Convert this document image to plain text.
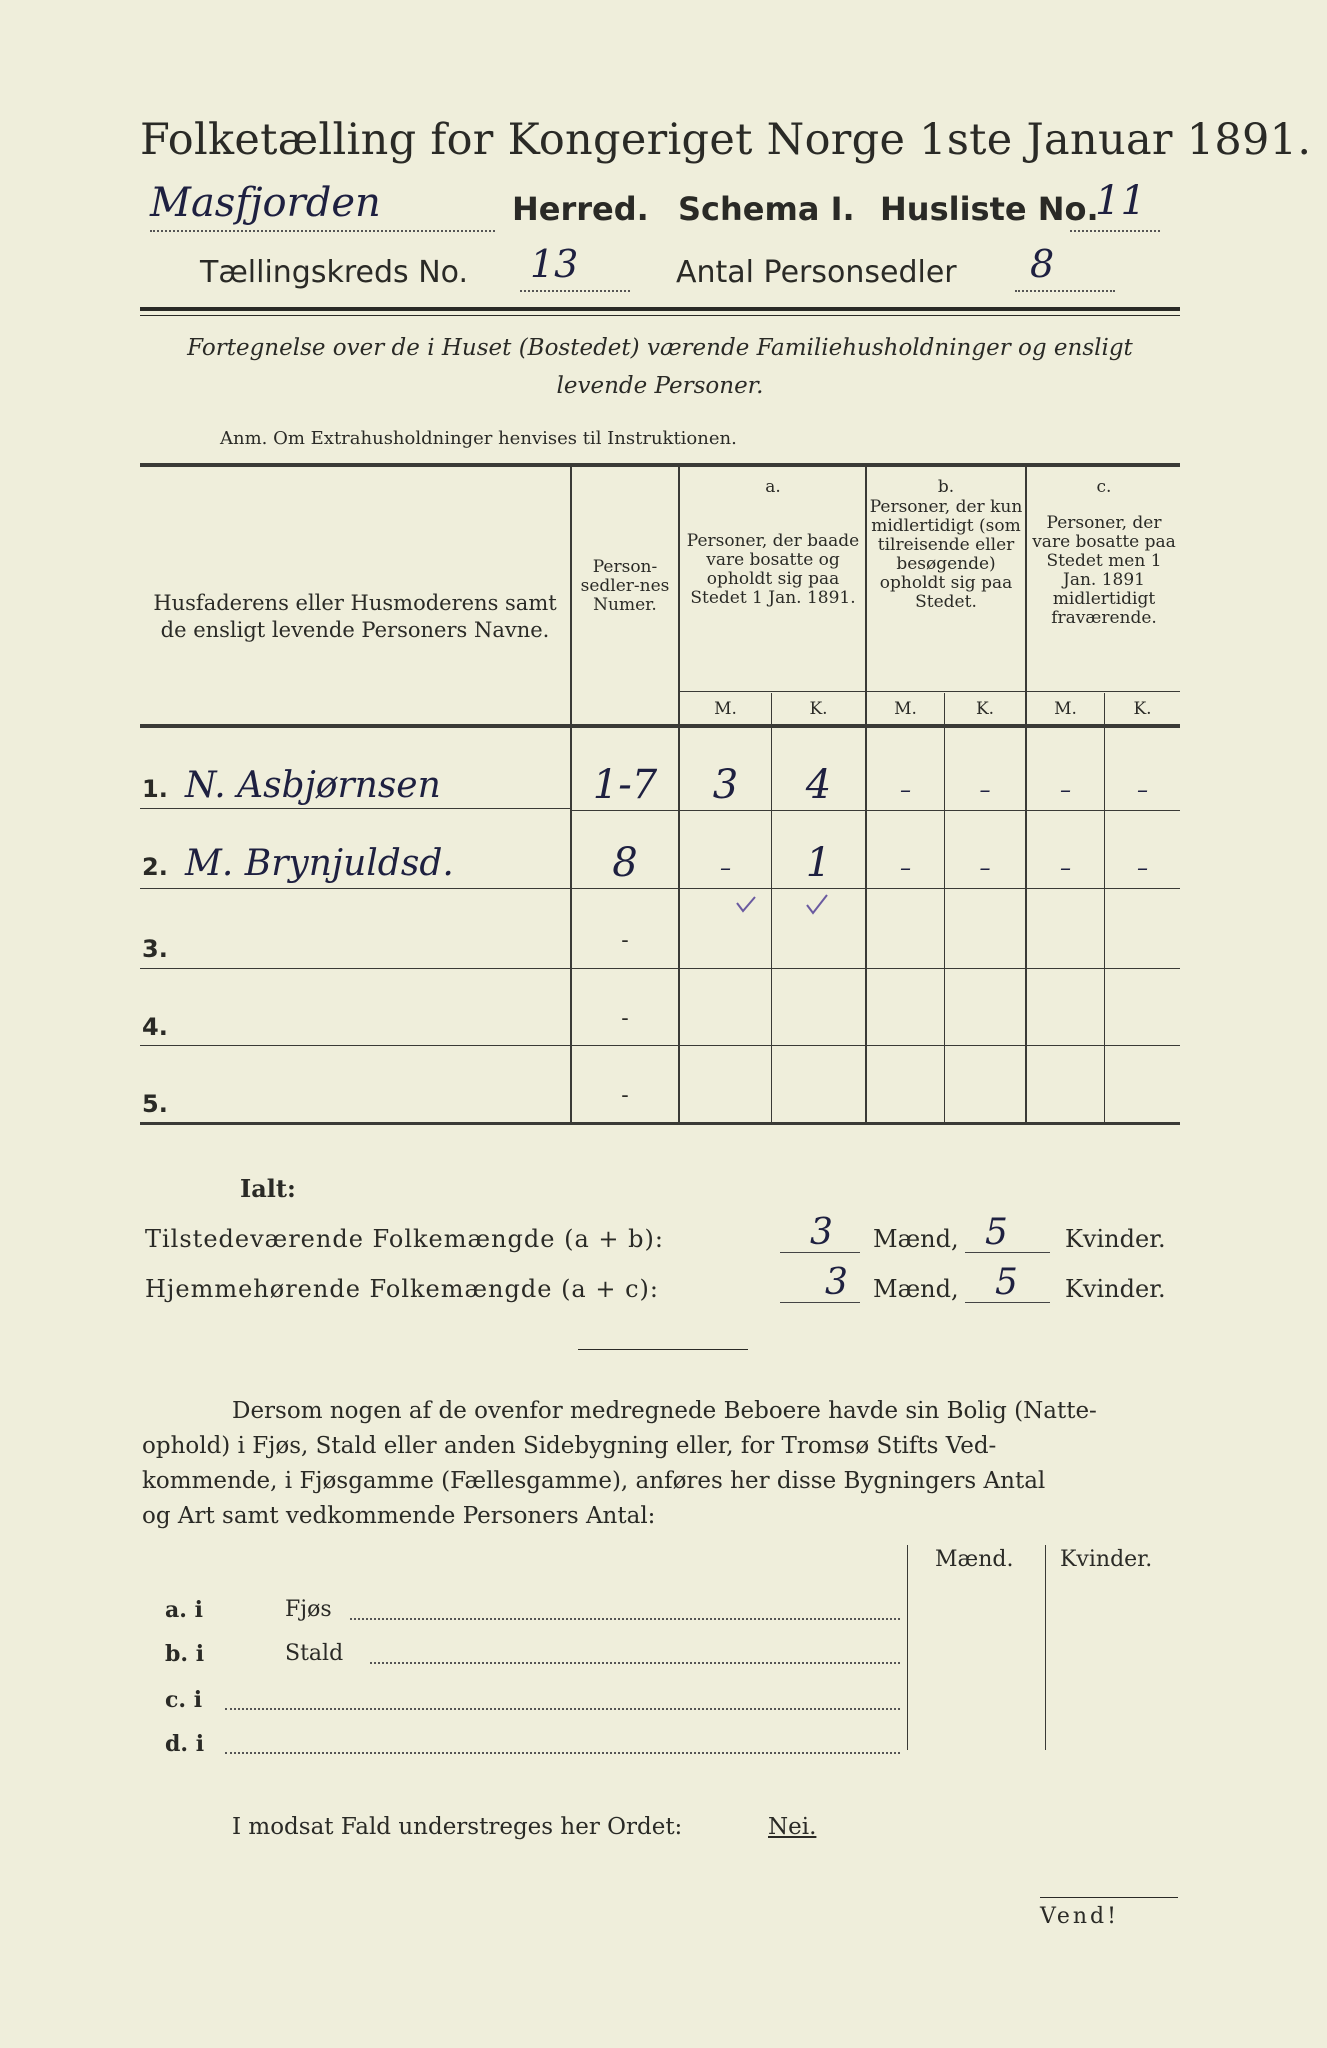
Folketælling for Kongeriget Norge 1ste Januar 1891.
Masfjorden	Herred. Schema I. Husliste No.
11
Tællingskreds No. 13	Antal Personsedler 8
Fortegnelse over de i Huset (Bostedet) værende Familiehusholdninger og ensligt
levende Personer.
Anm. Om Extrahusholdninger henvises til Instruktionen.
Husfaderens eller Husmoderens samt de ensligt levende Personers Navne.
Person-sedler-nes Numer.
a.
Personer, der baade vare bosatte og opholdt sig paa Stedet 1 Jan. 1891.
b.
Personer, der kun midlertidigt (som tilreisende eller besøgende) opholdt sig paa Stedet.
c.
Personer, der vare bosatte paa Stedet men 1 Jan. 1891 midlertidigt fraværende.
M.	K.	M.	K.	M.	K.
1. N. Asbjørnsen	1-7	3	4	–	–	–	–
2. M. Brynjuldsd.	8	–	1	–	–	–	–
3.	-
4.	-
5.	-
Ialt:
Tilstedeværende Folkemængde (a + b):	3 Mænd, 5 Kvinder.
Hjemmehørende Folkemængde (a + c):	3 Mænd, 5 Kvinder.
Dersom nogen af de ovenfor medregnede Beboere havde sin Bolig (Natte-
ophold) i Fjøs, Stald eller anden Sidebygning eller, for Tromsø Stifts Ved-
kommende, i Fjøsgamme (Fællesgamme), anføres her disse Bygningers Antal
og Art samt vedkommende Personers Antal:
Mænd. Kvinder.
a. i	Fjøs
b. i	Stald
c. i
d. i
I modsat Fald understreges her Ordet:	Nei.
Vend!
